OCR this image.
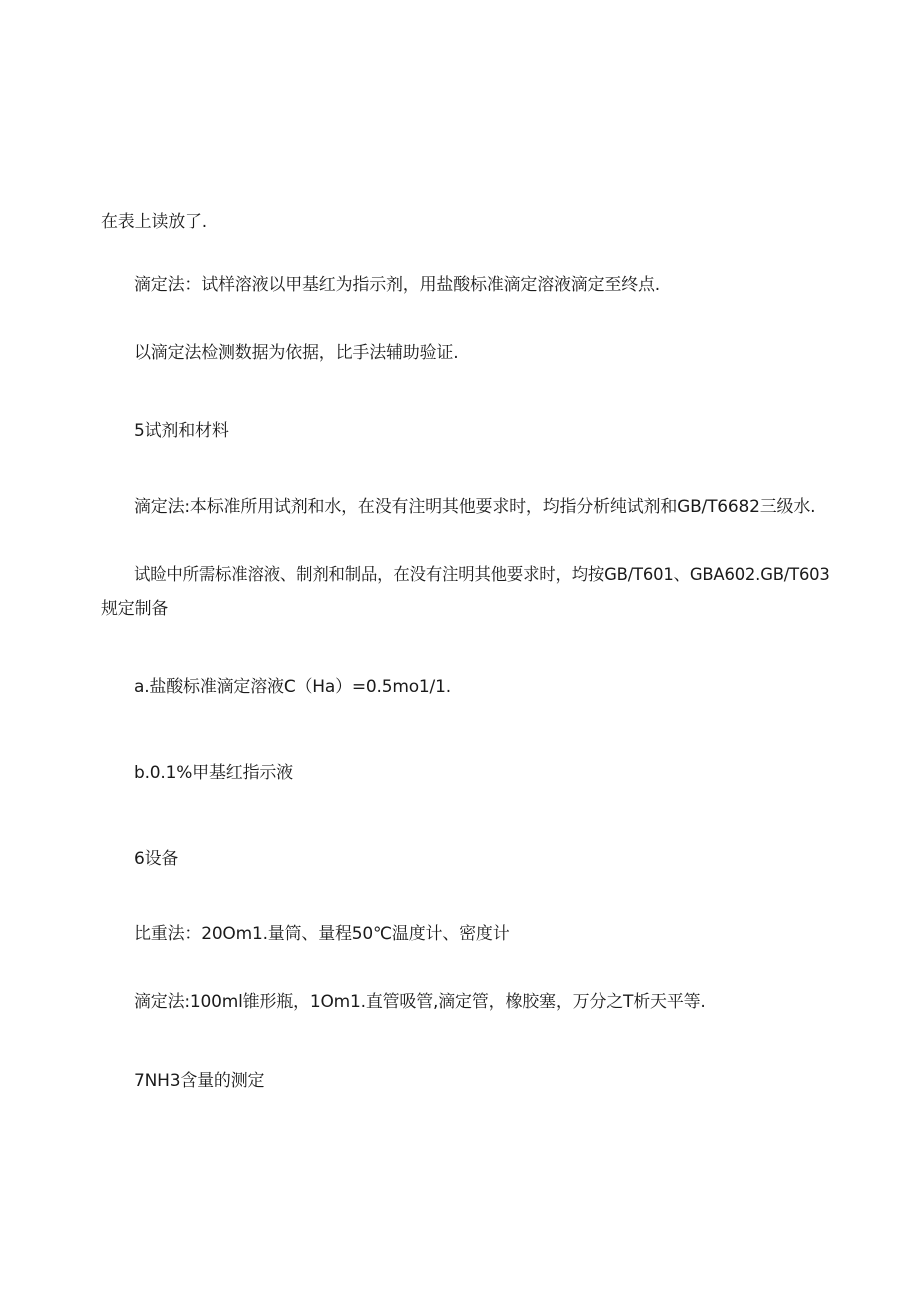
在表上读放了.
滴定法：试样溶液以甲基红为指示剂，用盐酸标准滴定溶液滴定至终点.
以滴定法检测数据为依据，比手法辅助验证.
5试剂和材料
滴定法:本标准所用试剂和水，在没有注明其他要求时，均指分析纯试剂和GB/T6682三级水.
试睑中所需标准溶液、制剂和制品，在没有注明其他要求时，均按GB/T601、GBA602.GB/T603
规定制备
a.盐酸标准滴定溶液C（Ha）=0.5mo1/1.
b.0.1%甲基红指示液
6设备
比重法：20Om1.量筒、量程50℃温度计、密度计
滴定法:100ml锥形瓶，1Om1.直管吸管,滴定管，橡胶塞，万分之T析天平等.
7NH3含量的测定
